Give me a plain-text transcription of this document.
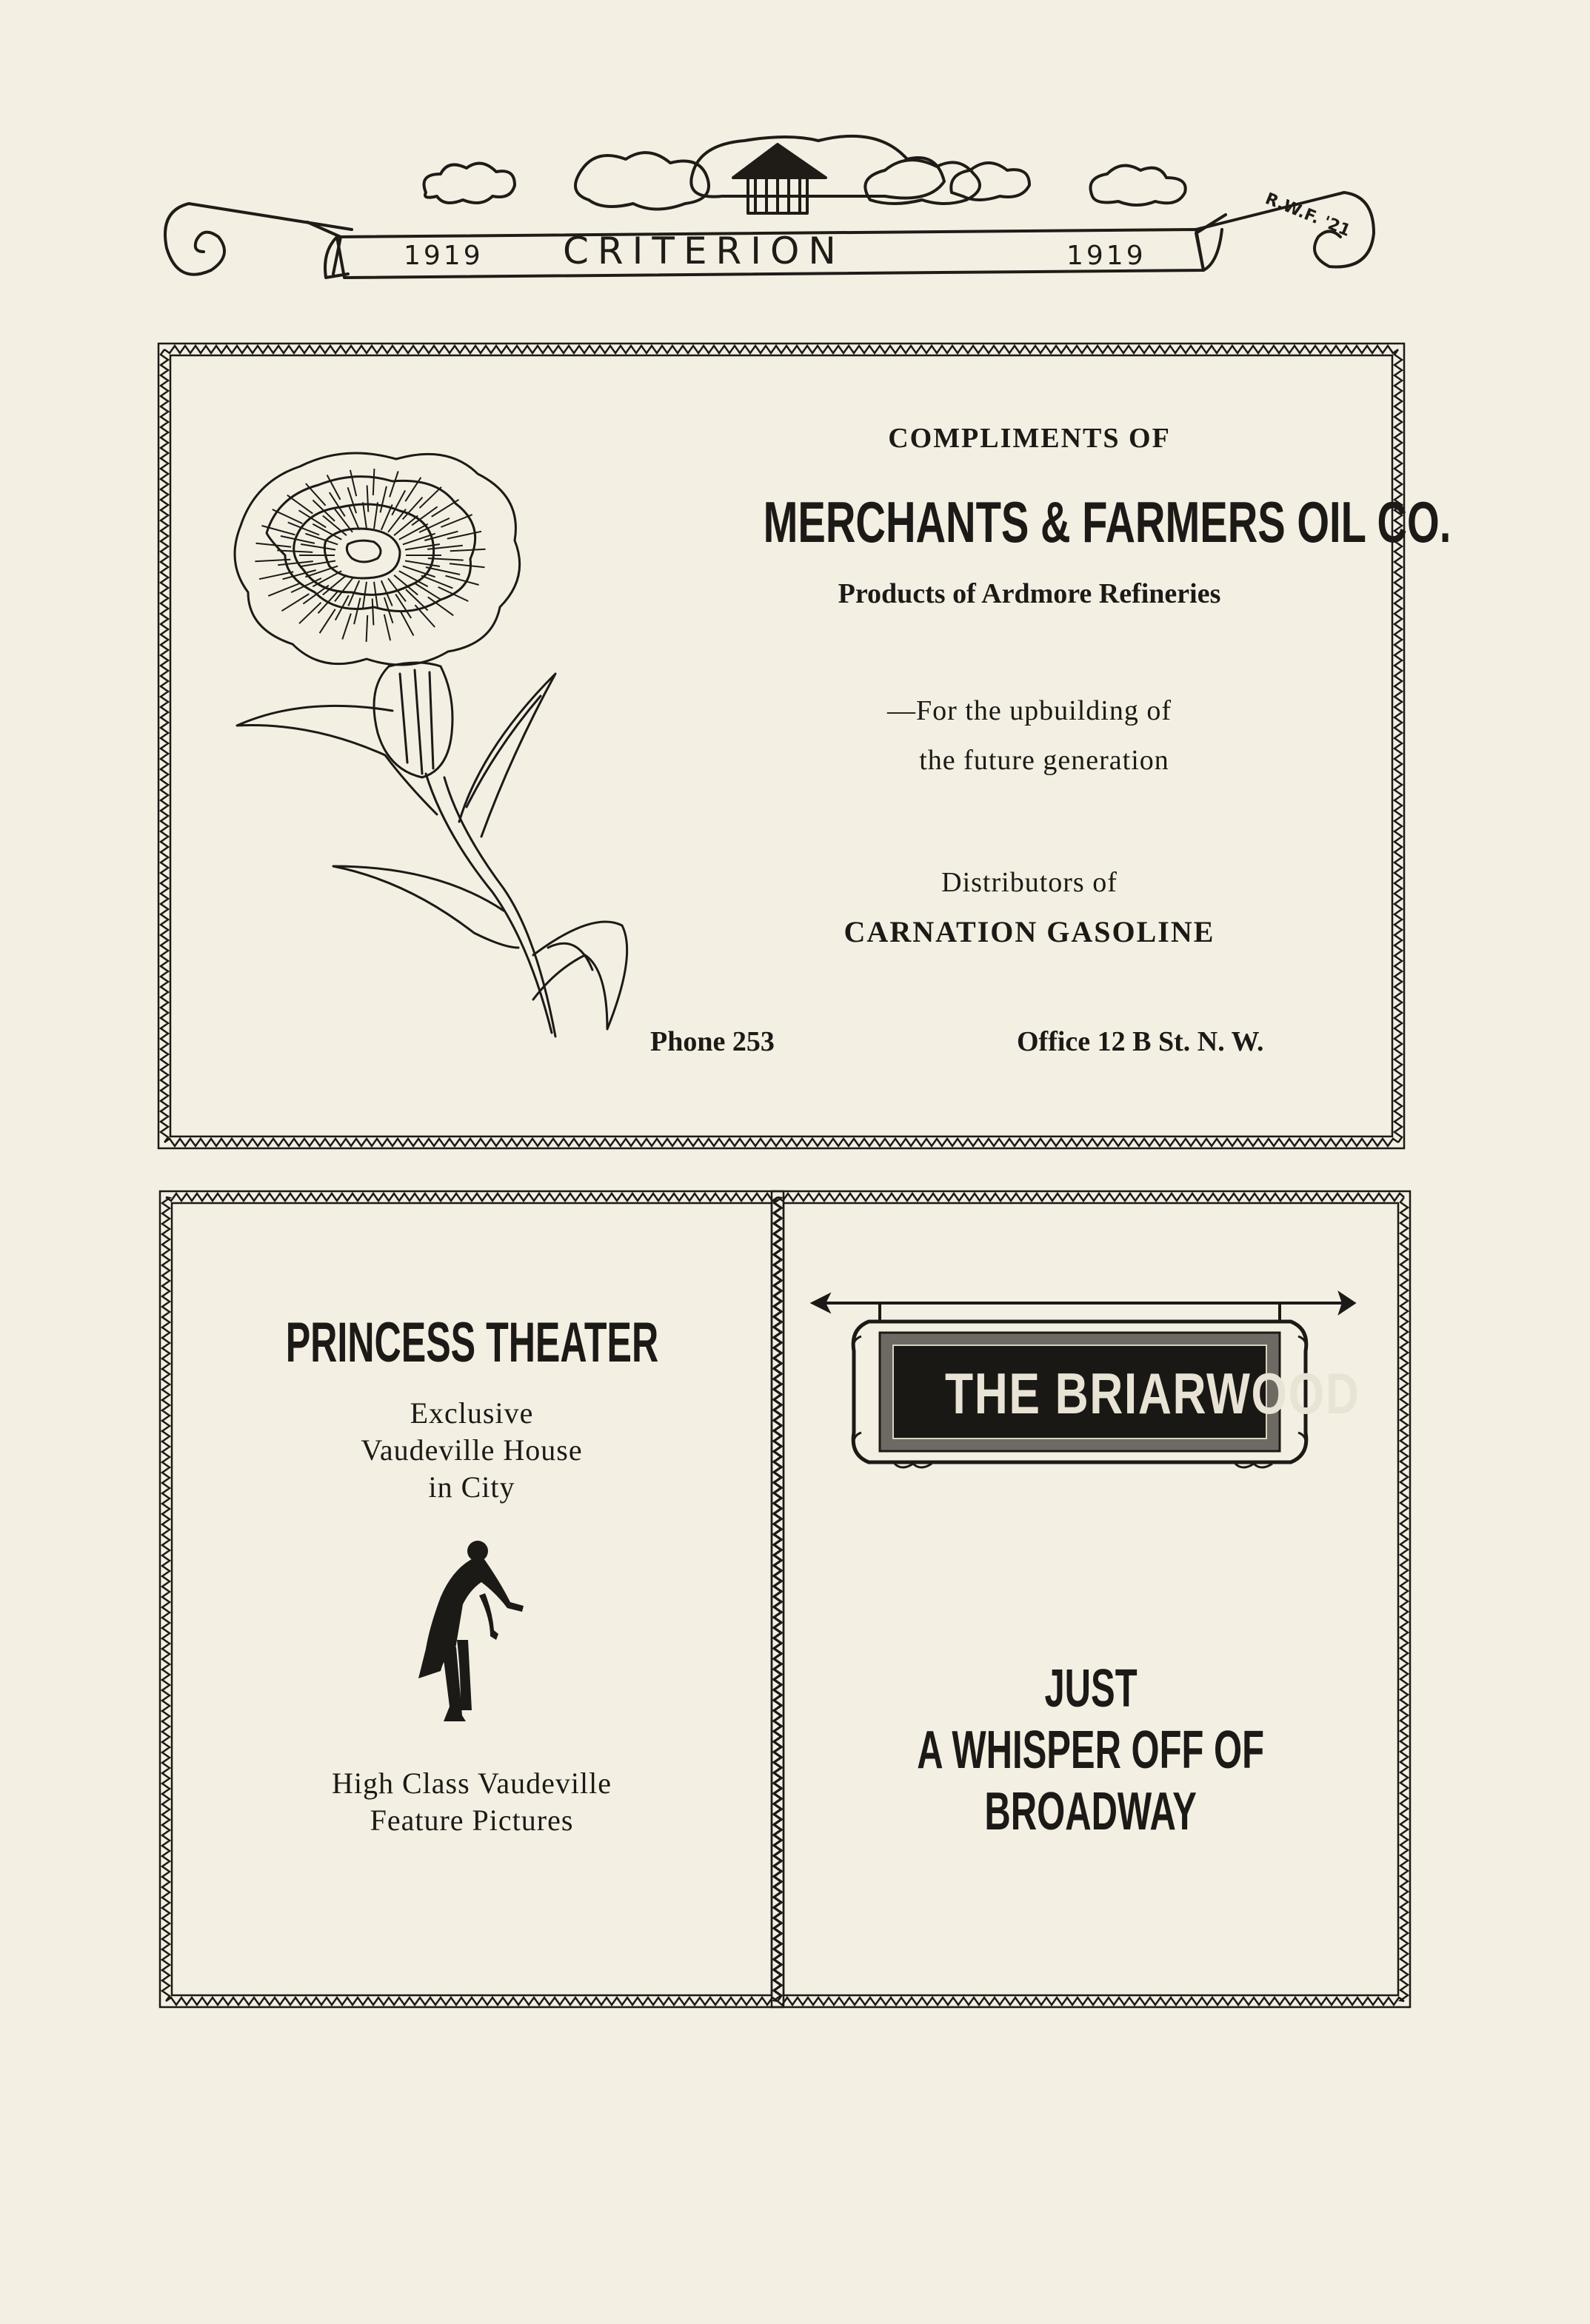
1919 CRITERION	1919
R.W.F. '21
COMPLIMENTS OF
MERCHANTS & FARMERS OIL CO.
Products of Ardmore Refineries
—For the upbuilding of
the future generation
Distributors of
CARNATION GASOLINE
Phone 253	Office 12 B St. N. W.
PRINCESS THEATER
Exclusive
Vaudeville House
in City
High Class Vaudeville
Feature Pictures
THE BRIARWOOD
JUST
A WHISPER OFF OF
BROADWAY
